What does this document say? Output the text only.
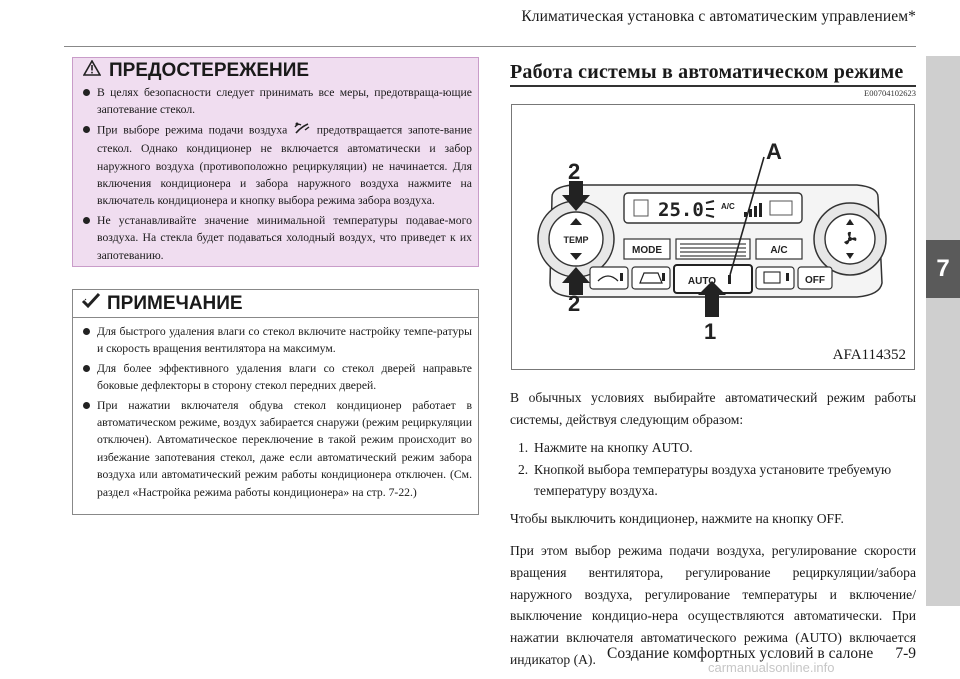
Климатическая установка с автоматическим управлением*
7
ПРЕДОСТЕРЕЖЕНИЕ
В целях безопасности следует принимать все меры, предотвраща-ющие запотевание стекол.
При выборе режима подачи воздуха	предотвращается запоте-вание стекол. Однако кондиционер не включается автоматически и забор наружного воздуха (противоположно рециркуляции) не начинается. Для включения кондиционера и забора наружного воздуха нажмите на включатель кондиционера и кнопку выбора режима забора воздуха.
Не устанавливайте значение минимальной температуры подавае-мого воздуха. На стекла будет подаваться холодный воздух, что приведет к их запотеванию.
ПРИМЕЧАНИЕ
Для быстрого удаления влаги со стекол включите настройку темпе-ратуры и скорость вращения вентилятора на максимум.
Для более эффективного удаления влаги со стекол дверей направьте боковые дефлекторы в сторону стекол передних дверей.
При нажатии включателя обдува стекол кондиционер работает в автоматическом режиме, воздух забирается снаружи (режим рециркуляции отключен). Автоматическое переключение в такой режим происходит во избежание запотевания стекол, даже если автоматический режим забора воздуха или автоматический режим работы кондиционера отключен. (См. раздел «Настройка режима работы кондиционера» на стр. 7-22.)
Работа системы в автоматическом режиме
E00704102623
25.0 A/C
TEMP
MODE	A/C
AUTO	OFF
2
2
1
A
AFA114352
В обычных условиях выбирайте автоматический режим работы системы, действуя следующим образом:
1. Нажмите на кнопку AUTO.
2. Кнопкой выбора температуры воздуха установите требуемую температуру воздуха.
Чтобы выключить кондиционер, нажмите на кнопку OFF.
При этом выбор режима подачи воздуха, регулирование скорости вращения вентилятора, регулирование рециркуляции/забора наружного воздуха, регулирование температуры и включение/выключение кондицио-нера осуществляются автоматически. При нажатии включателя автоматического режима (AUTO) включается индикатор (A). Создание комфортных условий в салоне 7-9
carmanualsonline.info
